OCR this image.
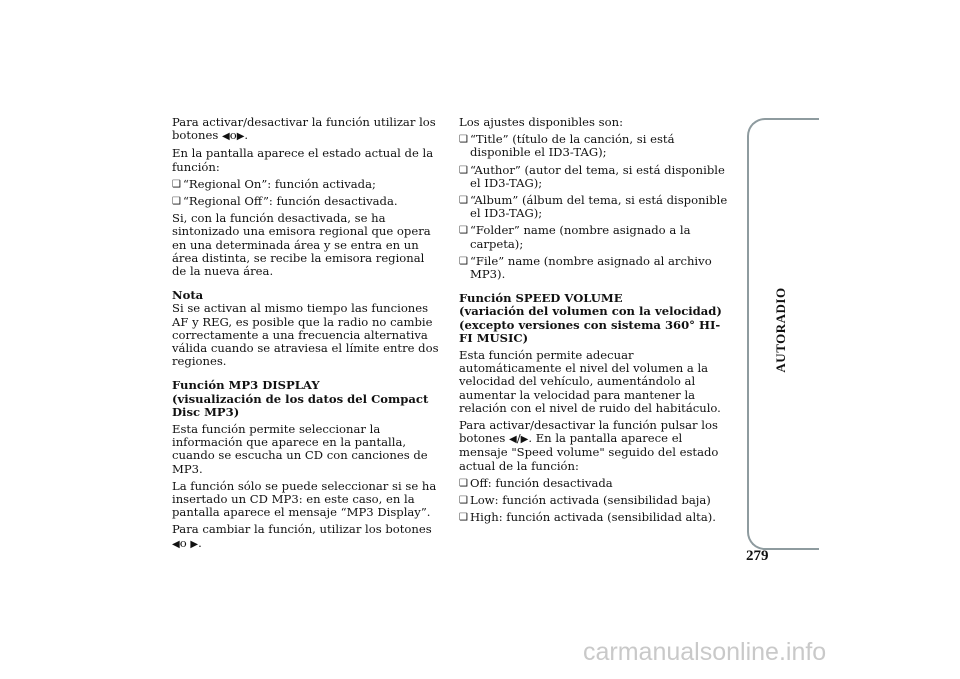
Para activar/desactivar la función utilizar los botones ◀o▶.

En la pantalla aparece el estado actual de la función:

❑ “Regional On”: función activada;

❑ “Regional Off”: función desactivada.

Si, con la función desactivada, se ha sintonizado una emisora regional que opera en una determinada área y se entra en un área distinta, se recibe la emisora regional de la nueva área.

Nota

Si se activan al mismo tiempo las funciones AF y REG, es posible que la radio no cambie correctamente a una frecuencia alternativa válida cuando se atraviesa el límite entre dos regiones.

Función MP3 DISPLAY

(visualización de los datos del Compact Disc MP3)

Esta función permite seleccionar la información que aparece en la pantalla, cuando se escucha un CD con canciones de MP3.

La función sólo se puede seleccionar si se ha insertado un CD MP3: en este caso, en la pantalla aparece el mensaje “MP3 Display”.

Para cambiar la función, utilizar los botones ◀o ▶.

Los ajustes disponibles son:

❑ “Title” (título de la canción, si está disponible el ID3-TAG);

❑ “Author” (autor del tema, si está disponible el ID3-TAG);

❑ “Album” (álbum del tema, si está disponible el ID3-TAG);

❑ “Folder” name (nombre asignado a la carpeta);

❑ “File” name (nombre asignado al archivo MP3).

Función SPEED VOLUME

(variación del volumen con la velocidad)

(excepto versiones con sistema 360° HI-FI MUSIC)

Esta función permite adecuar automáticamente el nivel del volumen a la velocidad del vehículo, aumentándolo al aumentar la velocidad para mantener la relación con el nivel de ruido del habitáculo.

Para activar/desactivar la función pulsar los botones ◀/▶. En la pantalla aparece el mensaje "Speed volume" seguido del estado actual de la función:

❑ Off: función desactivada

❑ Low: función activada (sensibilidad baja)

❑ High: función activada (sensibilidad alta).

AUTORADIO
279
carmanualsonline.info
